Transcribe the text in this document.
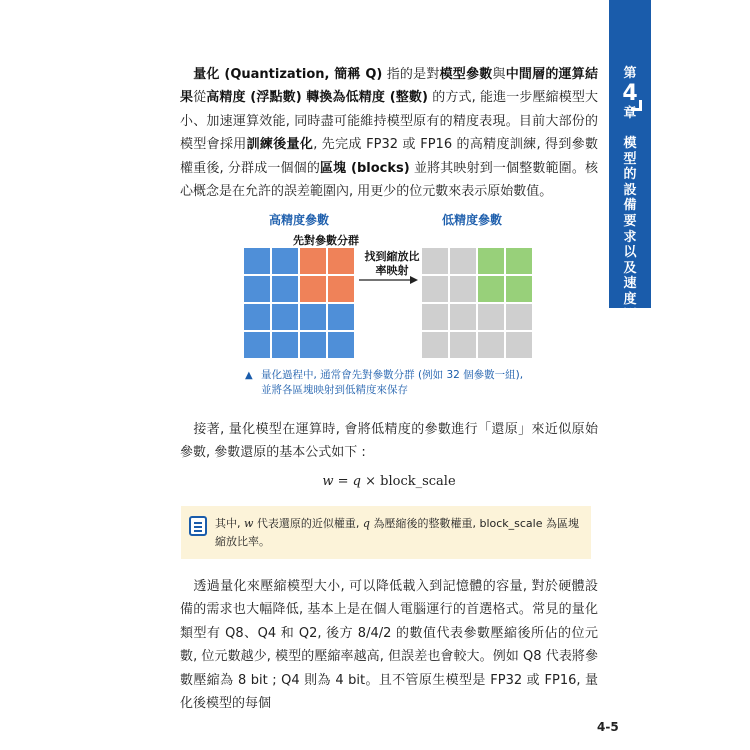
第
4
章
模型的設備要求以及速度測試

量化 (Quantization, 簡稱 Q) 指的是對模型參數與中間層的運算結果從高精度 (浮點數) 轉換為低精度 (整數) 的方式, 能進一步壓縮模型大小、加速運算效能, 同時盡可能維持模型原有的精度表現。目前大部份的模型會採用訓練後量化, 先完成 FP32 或 FP16 的高精度訓練, 得到參數權重後, 分群成一個個的區塊 (blocks) 並將其映射到一個整數範圍。核心概念是在允許的誤差範圍內, 用更少的位元數來表示原始數值。

高精度參數
先對參數分群
低精度參數
找到縮放比率映射
▲ 量化過程中, 通常會先對參數分群 (例如 32 個參數一組),
並將各區塊映射到低精度來保存

接著, 量化模型在運算時, 會將低精度的參數進行「還原」來近似原始參數, 參數還原的基本公式如下 :

w = q × block_scale
其中, w 代表還原的近似權重, q 為壓縮後的整數權重, block_scale 為區塊縮放比率。

透過量化來壓縮模型大小, 可以降低載入到記憶體的容量, 對於硬體設備的需求也大幅降低, 基本上是在個人電腦運行的首選格式。常見的量化類型有 Q8、Q4 和 Q2, 後方 8/4/2 的數值代表參數壓縮後所佔的位元數, 位元數越少, 模型的壓縮率越高, 但誤差也會較大。例如 Q8 代表將參數壓縮為 8 bit ; Q4 則為 4 bit。且不管原生模型是 FP32 或 FP16, 量化後模型的每個

4-5
